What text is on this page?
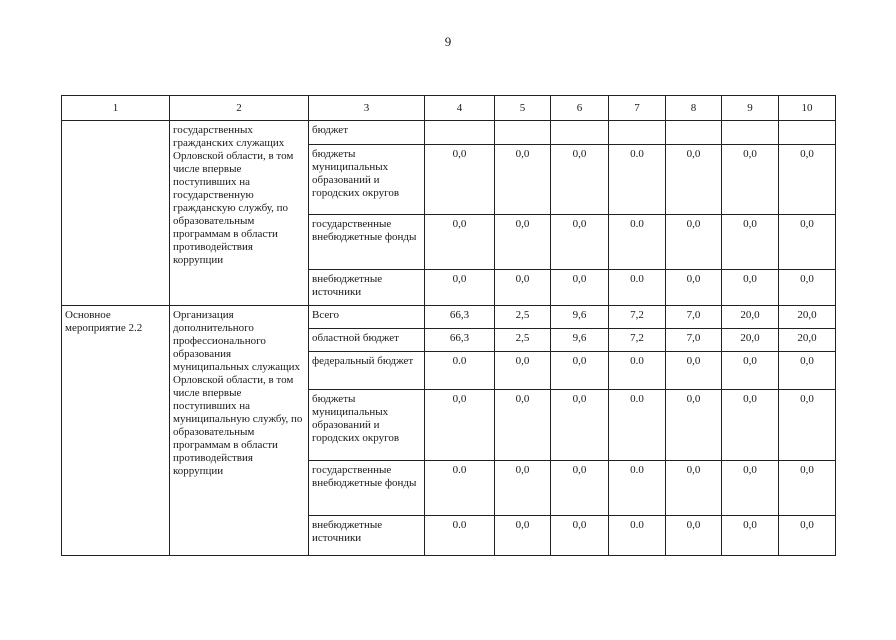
9
1	2	3	4	5	6	7	8	9	10
	государственных гражданских служащих Орловской области, в том числе впервые поступивших на государственную гражданскую службу, по образовательным программам в области противодействия коррупции	бюджет							
		бюджеты муниципальных образований и городских округов	0,0	0,0	0,0	0.0	0,0	0,0	0,0
		государственные внебюджетные фонды	0,0	0,0	0,0	0.0	0,0	0,0	0,0
		внебюджетные источники	0,0	0,0	0,0	0.0	0,0	0,0	0,0
Основное мероприятие 2.2	Организация дополнительного профессионального образования муниципальных служащих Орловской области, в том числе впервые поступивших на муниципальную службу, по образовательным программам в области противодействия коррупции	Всего	66,3	2,5	9,6	7,2	7,0	20,0	20,0
		областной бюджет	66,3	2,5	9,6	7,2	7,0	20,0	20,0
		федеральный бюджет	0.0	0,0	0,0	0.0	0,0	0,0	0,0
		бюджеты муниципальных образований и городских округов	0,0	0,0	0,0	0.0	0,0	0,0	0,0
		государственные внебюджетные фонды	0.0	0,0	0,0	0.0	0,0	0,0	0,0
		внебюджетные источники	0.0	0,0	0,0	0.0	0,0	0,0	0,0
